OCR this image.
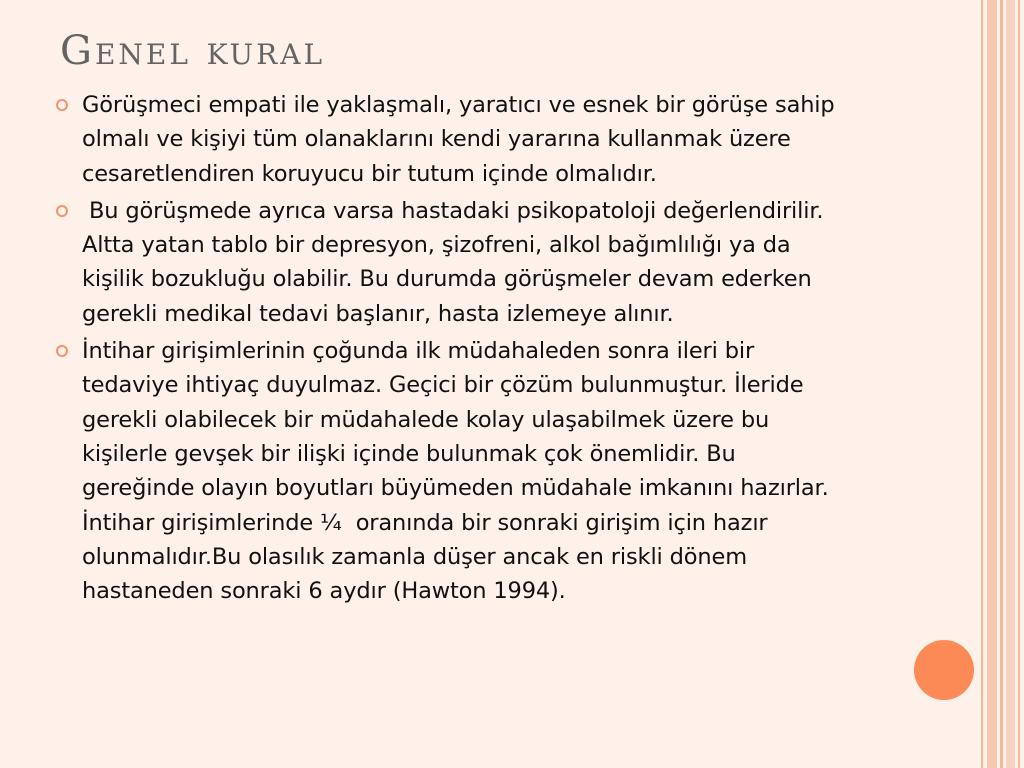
Genel kural
Görüşmeci empati ile yaklaşmalı, yaratıcı ve esnek bir görüşe sahip
olmalı ve kişiyi tüm olanaklarını kendi yararına kullanmak üzere
cesaretlendiren koruyucu bir tutum içinde olmalıdır.
Bu görüşmede ayrıca varsa hastadaki psikopatoloji değerlendirilir.
Altta yatan tablo bir depresyon, şizofreni, alkol bağımlılığı ya da
kişilik bozukluğu olabilir. Bu durumda görüşmeler devam ederken
gerekli medikal tedavi başlanır, hasta izlemeye alınır.
İntihar girişimlerinin çoğunda ilk müdahaleden sonra ileri bir
tedaviye ihtiyaç duyulmaz. Geçici bir çözüm bulunmuştur. İleride
gerekli olabilecek bir müdahalede kolay ulaşabilmek üzere bu
kişilerle gevşek bir ilişki içinde bulunmak çok önemlidir. Bu
gereğinde olayın boyutları büyümeden müdahale imkanını hazırlar.
İntihar girişimlerinde ¼  oranında bir sonraki girişim için hazır
olunmalıdır.Bu olasılık zamanla düşer ancak en riskli dönem
hastaneden sonraki 6 aydır (Hawton 1994).
